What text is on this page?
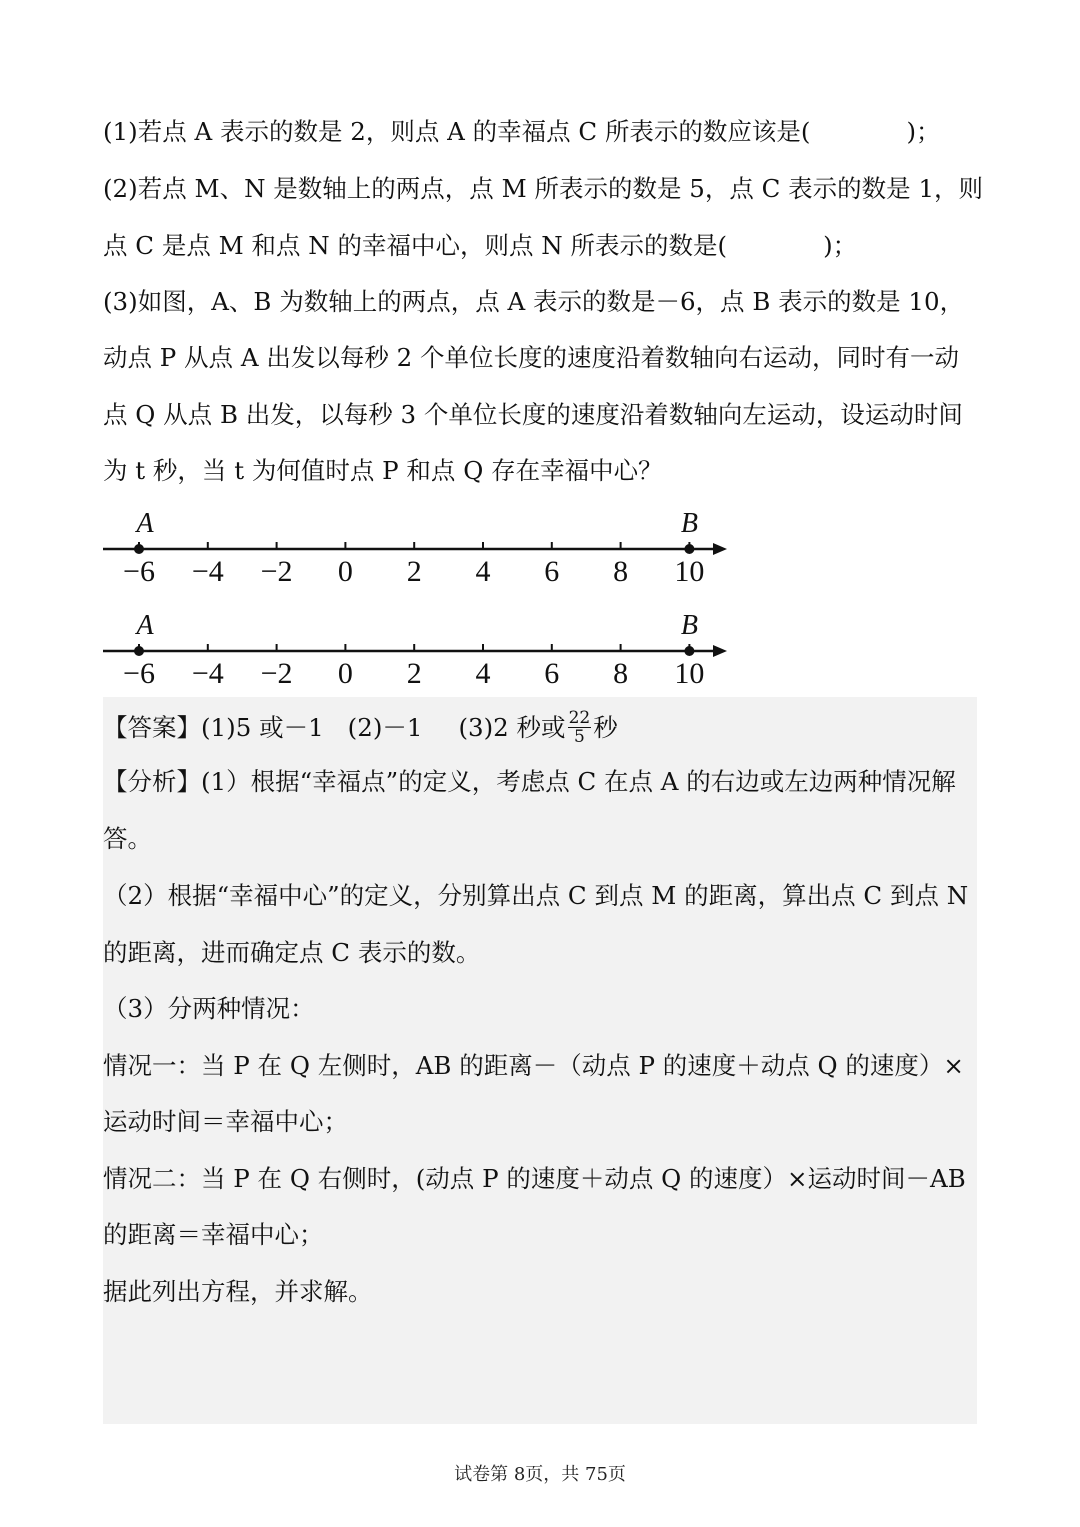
(1)若点 A 表示的数是 2，则点 A 的幸福点 C 所表示的数应该是(	)；
(2)若点 M、N 是数轴上的两点，点 M 所表示的数是 5，点 C 表示的数是 1，则
点 C 是点 M 和点 N 的幸福中心，则点 N 所表示的数是(	)；
(3)如图，A、B 为数轴上的两点，点 A 表示的数是－6，点 B 表示的数是 10，
动点 P 从点 A 出发以每秒 2 个单位长度的速度沿着数轴向右运动，同时有一动
点 Q 从点 B 出发，以每秒 3 个单位长度的速度沿着数轴向左运动，设运动时间
为 t 秒，当 t 为何值时点 P 和点 Q 存在幸福中心？
−6 −4 −2 0 2 4 6 8 10
A	B
−6 −4 −2 0 2 4 6 8 10
A	B
【答案】(1)5 或－1 (2)－1 (3)2 秒或 $\frac{22}{5}$ 秒
【分析】(1）根据“幸福点”的定义，考虑点 C 在点 A 的右边或左边两种情况解
答。
（2）根据“幸福中心”的定义，分别算出点 C 到点 M 的距离，算出点 C 到点 N
的距离，进而确定点 C 表示的数。
（3）分两种情况：
情况一：当 P 在 Q 左侧时，AB 的距离－（动点 P 的速度＋动点 Q 的速度）×
运动时间＝幸福中心；
情况二：当 P 在 Q 右侧时，(动点 P 的速度＋动点 Q 的速度）×运动时间－AB
的距离＝幸福中心；
据此列出方程，并求解。
试卷第 8页，共 75页
